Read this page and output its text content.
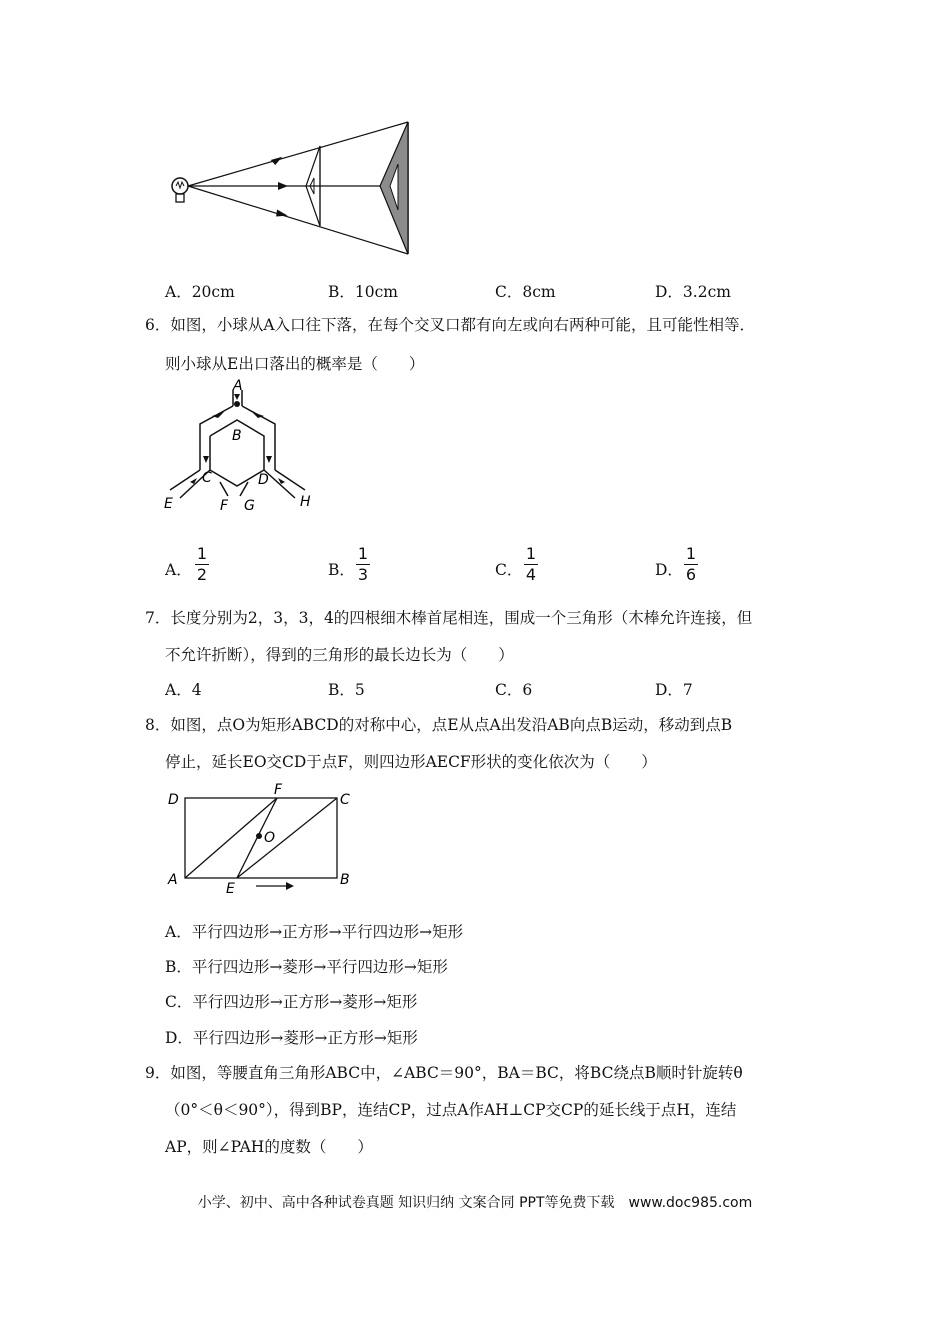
A．20cm	B．10cm	C．8cm	D．3.2cm
6．如图，小球从A入口往下落，在每个交叉口都有向左或向右两种可能，且可能性相等．
则小球从E出口落出的概率是（　　）
A
B
C	D
E	F G	H
A．
1
2	B．
1
3	C．
1
4	D．
1
6
7．长度分别为2，3，3，4的四根细木棒首尾相连，围成一个三角形（木棒允许连接，但
不允许折断），得到的三角形的最长边长为（　　）
A．4	B．5	C．6	D．7
8．如图，点O为矩形ABCD的对称中心，点E从点A出发沿AB向点B运动，移动到点B
停止，延长EO交CD于点F，则四边形AECF形状的变化依次为（　　）
D
F
C
O
A
E
B
A．平行四边形→正方形→平行四边形→矩形
B．平行四边形→菱形→平行四边形→矩形
C．平行四边形→正方形→菱形→矩形
D．平行四边形→菱形→正方形→矩形
9．如图，等腰直角三角形ABC中，∠ABC＝90°，BA＝BC，将BC绕点B顺时针旋转θ
（0°＜θ＜90°），得到BP，连结CP，过点A作AH⊥CP交CP的延长线于点H，连结
AP，则∠PAH的度数（　　）
小学、初中、高中各种试卷真题 知识归纳 文案合同 PPT等免费下载　www.doc985.com
